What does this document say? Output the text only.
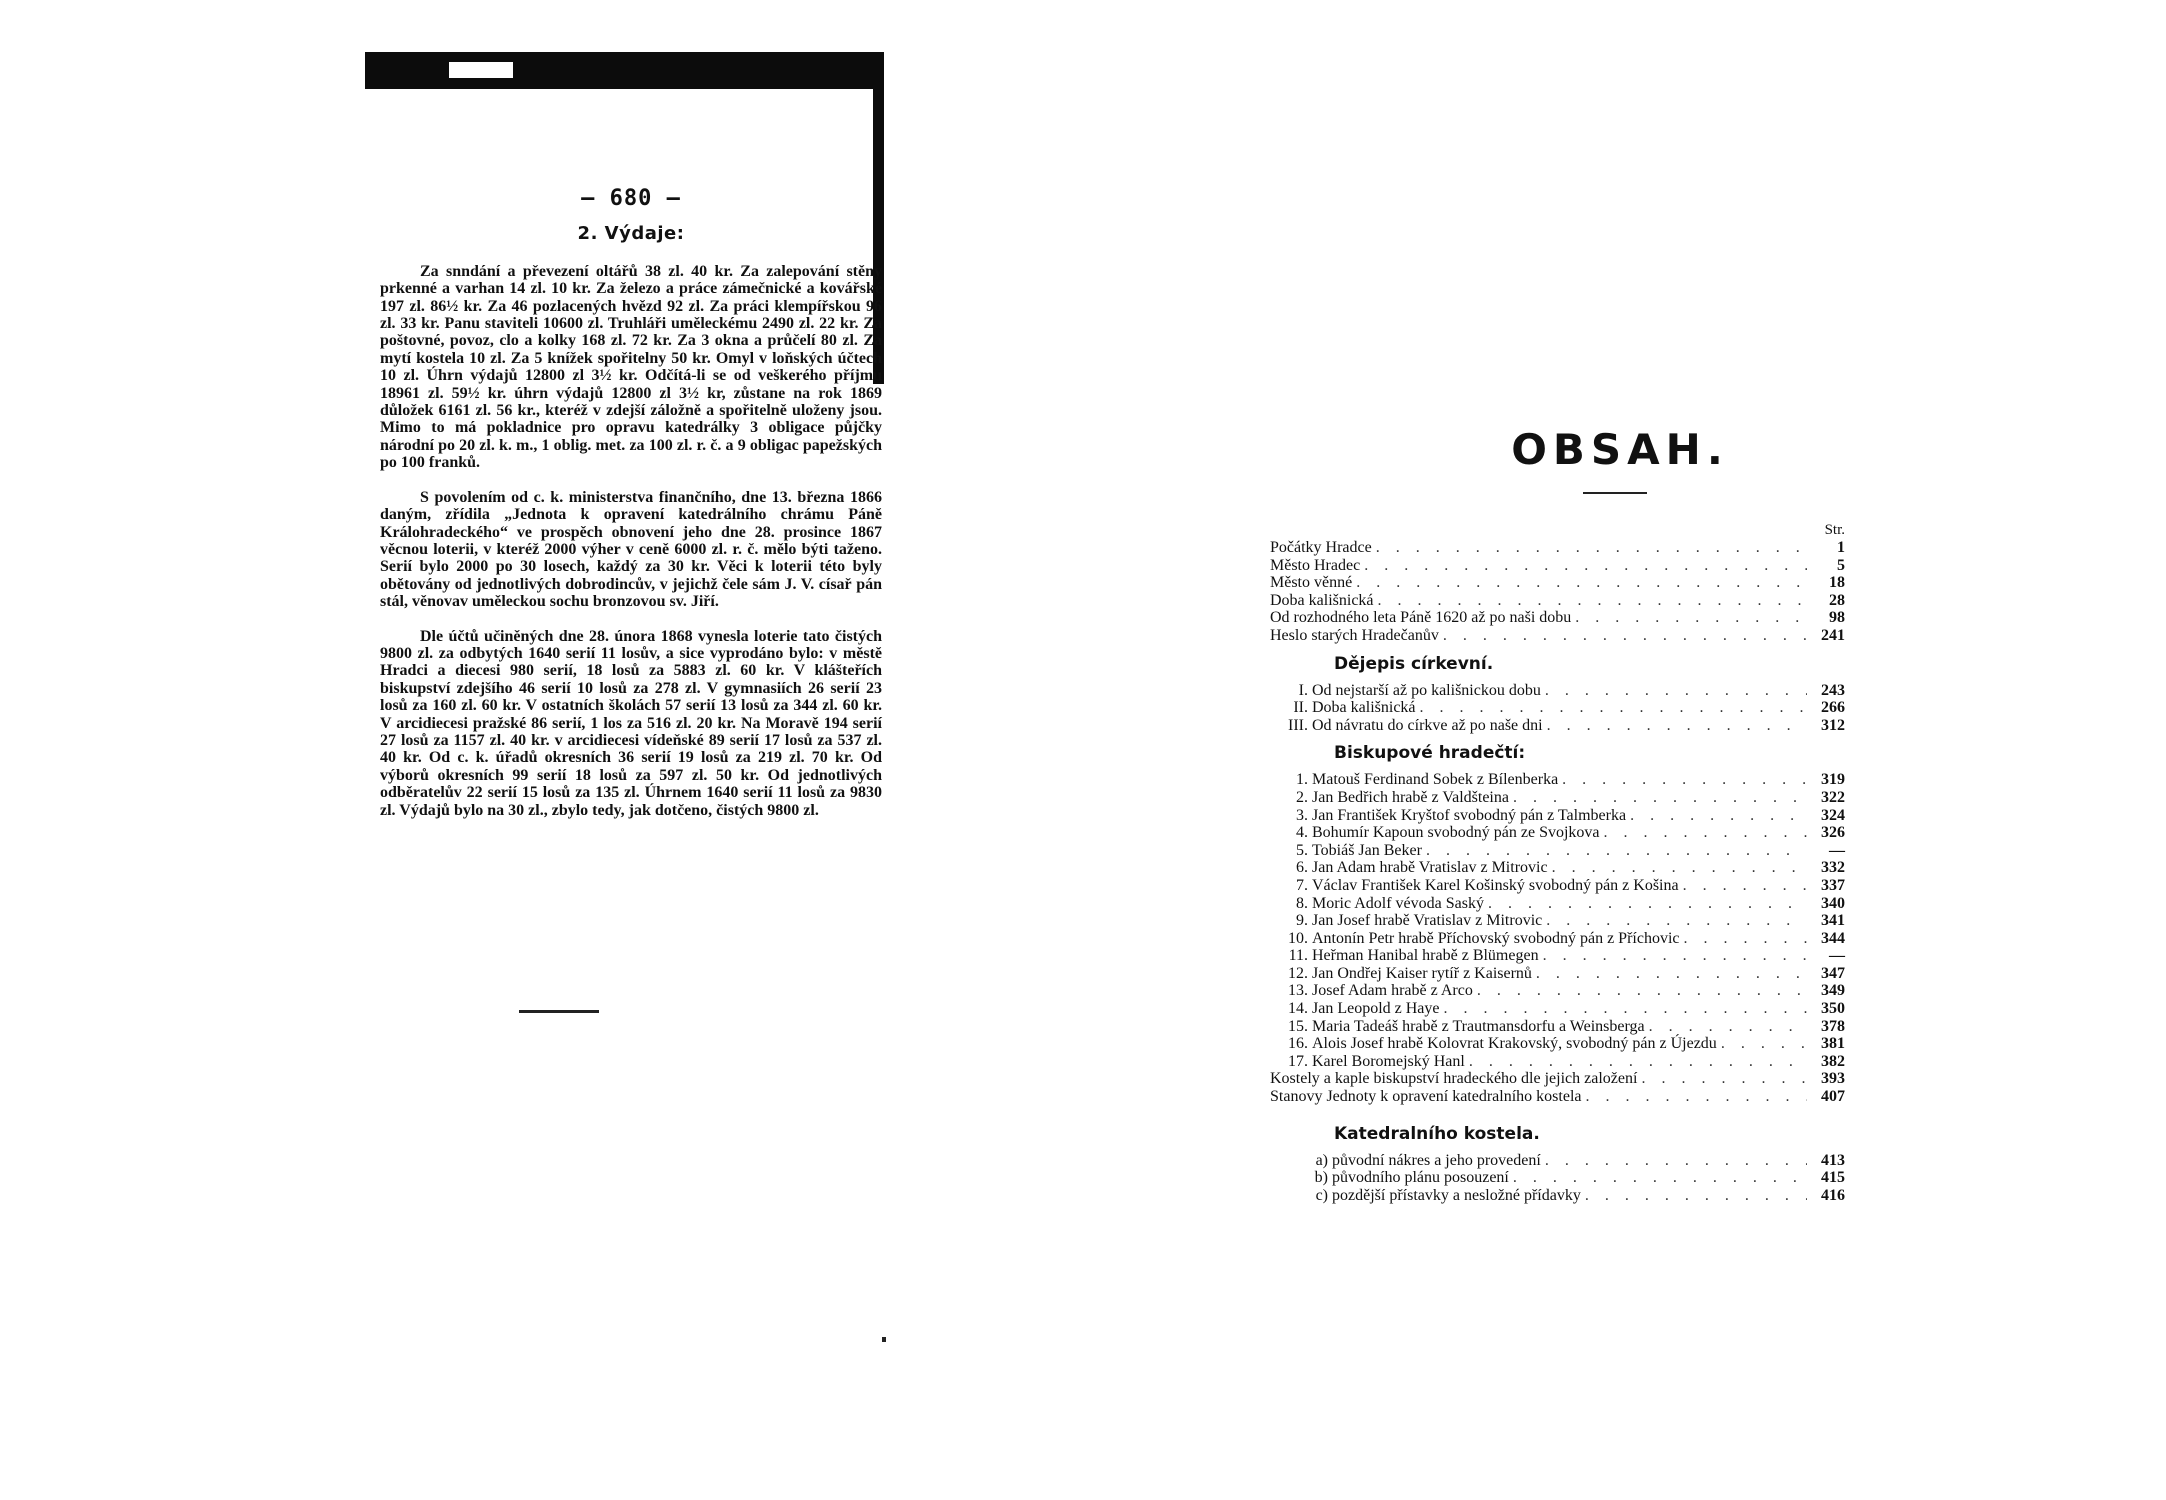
— 680 —
2. Výdaje:

Za snndání a převezení oltářů 38 zl. 40 kr. Za zalepování stěny prkenné a varhan 14 zl. 10 kr. Za železo a práce zámečnické a kovářské 197 zl. 86½ kr. Za 46 pozlacených hvězd 92 zl. Za práci klempířskou 96 zl. 33 kr. Panu staviteli 10600 zl. Truhláři uměleckému 2490 zl. 22 kr. Za poštovné, povoz, clo a kolky 168 zl. 72 kr. Za 3 okna a průčelí 80 zl. Za mytí kostela 10 zl. Za 5 knížek spořitelny 50 kr. Omyl v loňských účtech 10 zl. Úhrn výdajů 12800 zl 3½ kr. Odčítá-li se od veškerého příjmu 18961 zl. 59½ kr. úhrn výdajů 12800 zl 3½ kr, zůstane na rok 1869 důložek 6161 zl. 56 kr., kteréž v zdejší záložně a spořitelně uloženy jsou. Mimo to má pokladnice pro opravu katedrálky 3 obligace půjčky národní po 20 zl. k. m., 1 oblig. met. za 100 zl. r. č. a 9 obligac papežských po 100 franků.

S povolením od c. k. ministerstva finančního, dne 13. března 1866 daným, zřídila „Jednota k opravení katedrálního chrámu Páně Králohradeckého“ ve prospěch obnovení jeho dne 28. prosince 1867 věcnou loterii, v kteréž 2000 výher v ceně 6000 zl. r. č. mělo býti taženo. Serií bylo 2000 po 30 losech, každý za 30 kr. Věci k loterii této byly obětovány od jednotlivých dobrodincův, v jejichž čele sám J. V. císař pán stál, věnovav uměleckou sochu bronzovou sv. Jiří.

Dle účtů učiněných dne 28. února 1868 vynesla loterie tato čistých 9800 zl. za odbytých 1640 serií 11 losův, a sice vyprodáno bylo: v městě Hradci a diecesi 980 serií, 18 losů za 5883 zl. 60 kr. V klášteřích biskupství zdejšího 46 serií 10 losů za 278 zl. V gymnasiích 26 serií 23 losů za 160 zl. 60 kr. V ostatních školách 57 serií 13 losů za 344 zl. 60 kr. V arcidiecesi pražské 86 serií, 1 los za 516 zl. 20 kr. Na Moravě 194 serií 27 losů za 1157 zl. 40 kr. v arcidiecesi vídeňské 89 serií 17 losů za 537 zl. 40 kr. Od c. k. úřadů okresních 36 serií 19 losů za 219 zl. 70 kr. Od výborů okresních 99 serií 18 losů za 597 zl. 50 kr. Od jednotlivých odběratelův 22 serií 15 losů za 135 zl. Úhrnem 1640 serií 11 losů za 9830 zl. Výdajů bylo na 30 zl., zbylo tedy, jak dotčeno, čistých 9800 zl.

OBSAH.
Str.
Počátky Hradce . . .	1
Město Hradec . . .	5
Město věnné . . .	18
Doba kališnická . . .	28
Od rozhodného leta Páně 1620 až po naši dobu . . .	98
Heslo starých Hradečanův . . .	241
Dějepis církevní.
I. Od nejstarší až po kališnickou dobu . . .	243
II. Doba kališnická . . .	266
III. Od návratu do církve až po naše dni . . .	312
Biskupové hradečtí:
1. Matouš Ferdinand Sobek z Bílenberka . . .	319
2. Jan Bedřich hrabě z Valdšteina . . .	322
3. Jan František Kryštof svobodný pán z Talmberka . . .	324
4. Bohumír Kapoun svobodný pán ze Svojkova . . .	326
5. Tobiáš Jan Beker . . .	—
6. Jan Adam hrabě Vratislav z Mitrovic . . .	332
7. Václav František Karel Košinský svobodný pán z Košina . . .	337
8. Moric Adolf vévoda Saský . . .	340
9. Jan Josef hrabě Vratislav z Mitrovic . . .	341
10. Antonín Petr hrabě Příchovský svobodný pán z Příchovic . . .	344
11. Heřman Hanibal hrabě z Blümegen . . .	—
12. Jan Ondřej Kaiser rytíř z Kaisernů . . .	347
13. Josef Adam hrabě z Arco . . .	349
14. Jan Leopold z Haye . . .	350
15. Maria Tadeáš hrabě z Trautmansdorfu a Weinsberga . . .	378
16. Alois Josef hrabě Kolovrat Krakovský, svobodný pán z Újezdu . . .	381
17. Karel Boromejský Hanl . . .	382
Kostely a kaple biskupství hradeckého dle jejich založení . . .	393
Stanovy Jednoty k opravení katedralního kostela . . .	407
Katedralního kostela.
a) původní nákres a jeho provedení . . .	413
b) původního plánu posouzení . . .	415
c) pozdější přístavky a nesložné přídavky . . .	416
